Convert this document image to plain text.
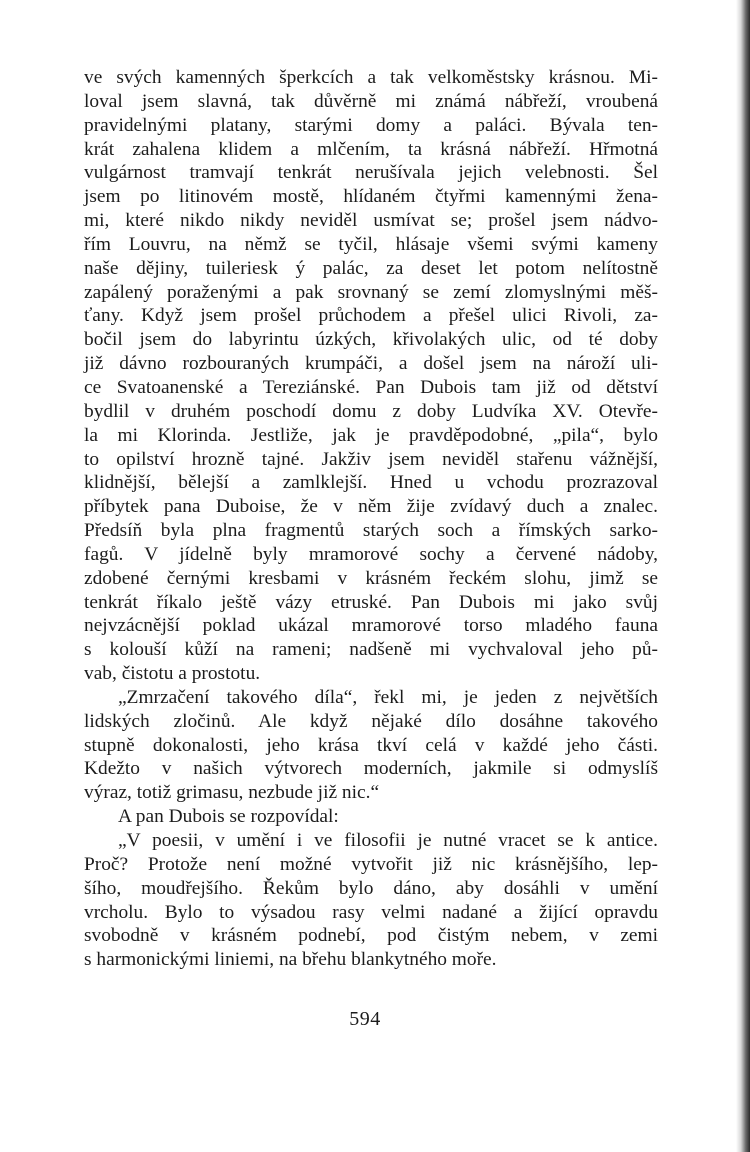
ve svých kamenných šperkcích a tak velkoměstsky krásnou. Mi-
loval jsem slavná, tak důvěrně mi známá nábřeží, vroubená
pravidelnými platany, starými domy a paláci. Bývala ten-
krát zahalena klidem a mlčením, ta krásná nábřeží. Hřmotná
vulgárnost tramvají tenkrát nerušívala jejich velebnosti. Šel
jsem po litinovém mostě, hlídaném čtyřmi kamennými žena-
mi, které nikdo nikdy neviděl usmívat se; prošel jsem nádvo-
řím Louvru, na němž se tyčil, hlásaje všemi svými kameny
naše dějiny, tuileriesk ý palác, za deset let potom nelítostně
zapálený poraženými a pak srovnaný se zemí zlomyslnými měš-
ťany. Když jsem prošel průchodem a přešel ulici Rivoli, za-
bočil jsem do labyrintu úzkých, křivolakých ulic, od té doby
již dávno rozbouraných krumpáči, a došel jsem na nároží uli-
ce Svatoanenské a Tereziánské. Pan Dubois tam již od dětství
bydlil v druhém poschodí domu z doby Ludvíka XV. Otevře-
la mi Klorinda. Jestliže, jak je pravděpodobné, „pila“, bylo
to opilství hrozně tajné. Jakživ jsem neviděl stařenu vážnější,
klidnější, bělejší a zamlklejší. Hned u vchodu prozrazoval
příbytek pana Duboise, že v něm žije zvídavý duch a znalec.
Předsíň byla plna fragmentů starých soch a římských sarko-
fagů. V jídelně byly mramorové sochy a červené nádoby,
zdobené černými kresbami v krásném řeckém slohu, jimž se
tenkrát říkalo ještě vázy etruské. Pan Dubois mi jako svůj
nejvzácnější poklad ukázal mramorové torso mladého fauna
s kolouší kůží na rameni; nadšeně mi vychvaloval jeho pů-
vab, čistotu a prostotu.
„Zmrzačení takového díla“, řekl mi, je jeden z největších
lidských zločinů. Ale když nějaké dílo dosáhne takového
stupně dokonalosti, jeho krása tkví celá v každé jeho části.
Kdežto v našich výtvorech moderních, jakmile si odmyslíš
výraz, totiž grimasu, nezbude již nic.“
A pan Dubois se rozpovídal:
„V poesii, v umění i ve filosofii je nutné vracet se k antice.
Proč? Protože není možné vytvořit již nic krásnějšího, lep-
šího, moudřejšího. Řekům bylo dáno, aby dosáhli v umění
vrcholu. Bylo to výsadou rasy velmi nadané a žijící opravdu
svobodně v krásném podnebí, pod čistým nebem, v zemi
s harmonickými liniemi, na břehu blankytného moře.
594
